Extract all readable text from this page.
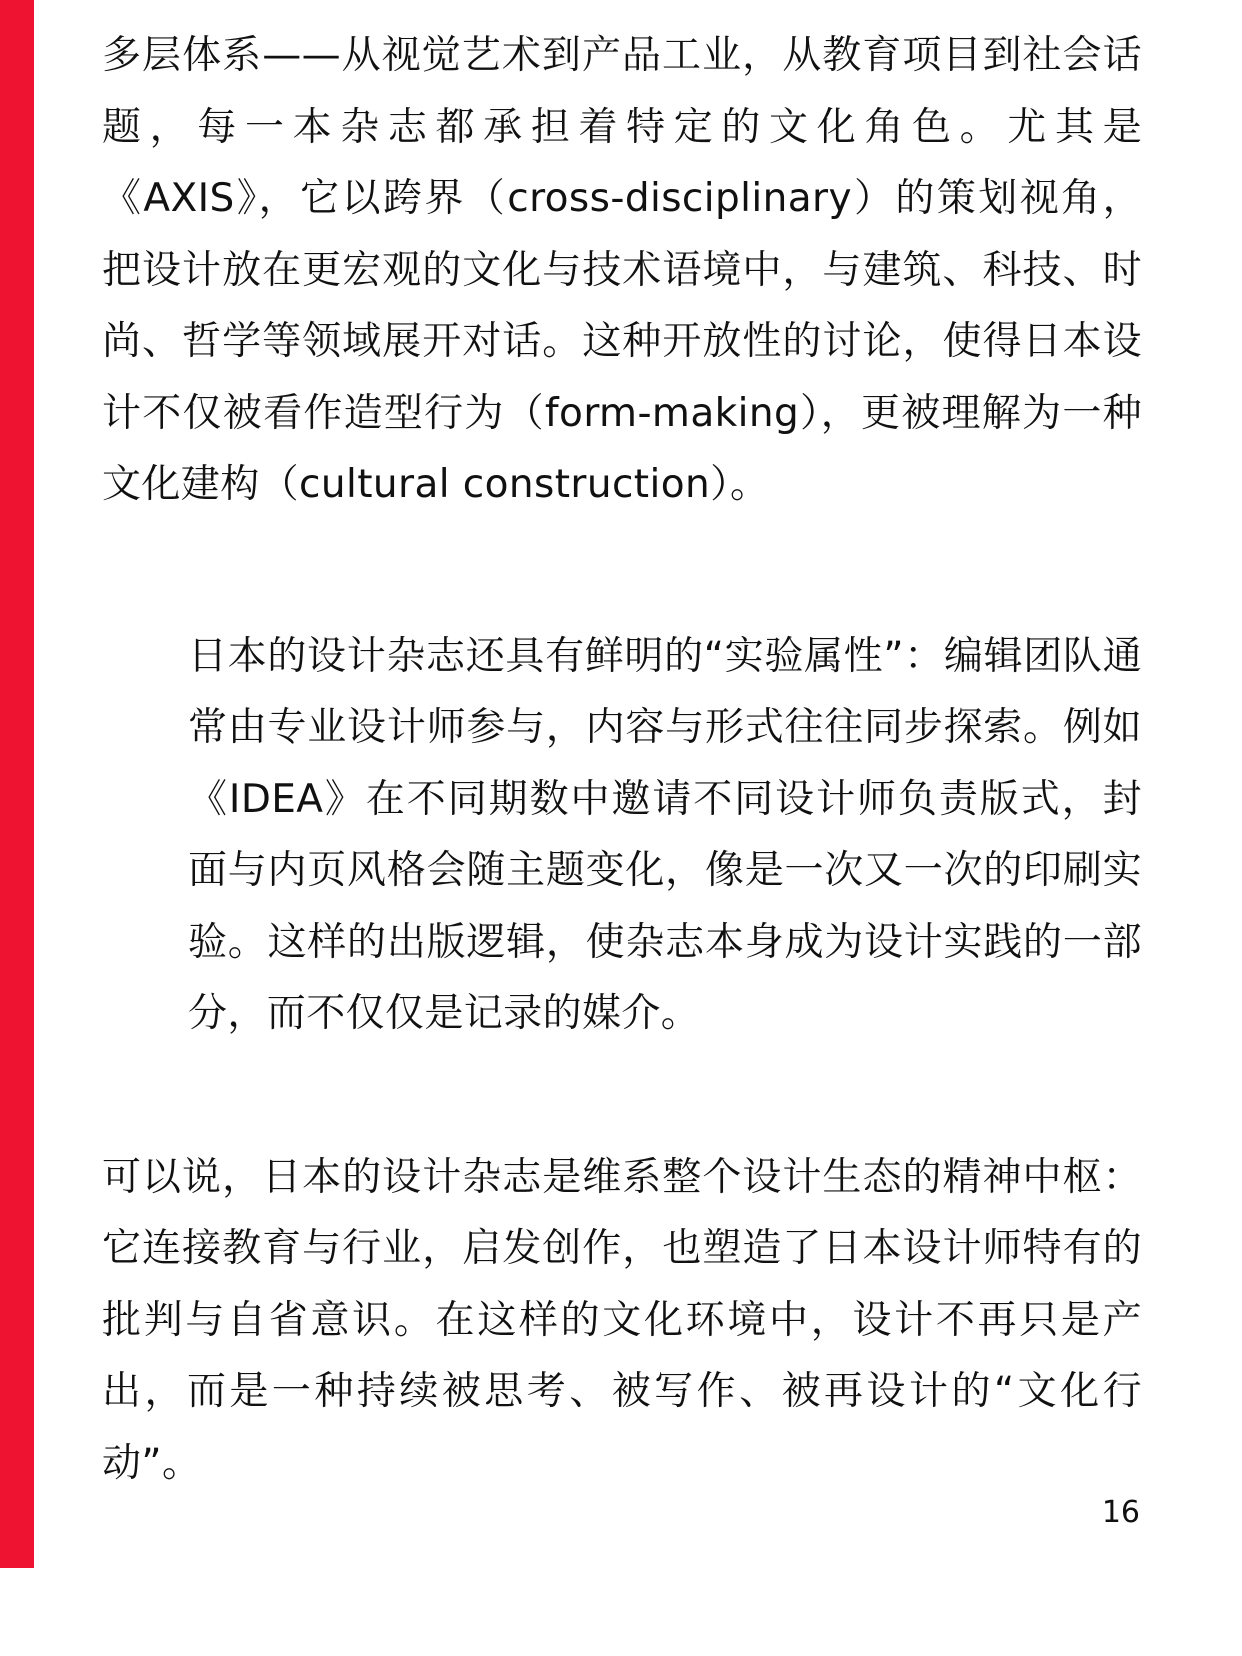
多层体系——从视觉艺术到产品工业，从教育项目到社会话题，每一本杂志都承担着特定的文化角色。尤其是《AXIS》，它以跨界（cross-disciplinary）的策划视角，把设计放在更宏观的文化与技术语境中，与建筑、科技、时尚、哲学等领域展开对话。这种开放性的讨论，使得日本设计不仅被看作造型行为（form-making），更被理解为一种文化建构（cultural construction）。

日本的设计杂志还具有鲜明的“实验属性”：编辑团队通常由专业设计师参与，内容与形式往往同步探索。例如《IDEA》在不同期数中邀请不同设计师负责版式，封面与内页风格会随主题变化，像是一次又一次的印刷实验。这样的出版逻辑，使杂志本身成为设计实践的一部分，而不仅仅是记录的媒介。

可以说，日本的设计杂志是维系整个设计生态的精神中枢：它连接教育与行业，启发创作，也塑造了日本设计师特有的批判与自省意识。在这样的文化环境中，设计不再只是产出，而是一种持续被思考、被写作、被再设计的“文化行动”。

16
